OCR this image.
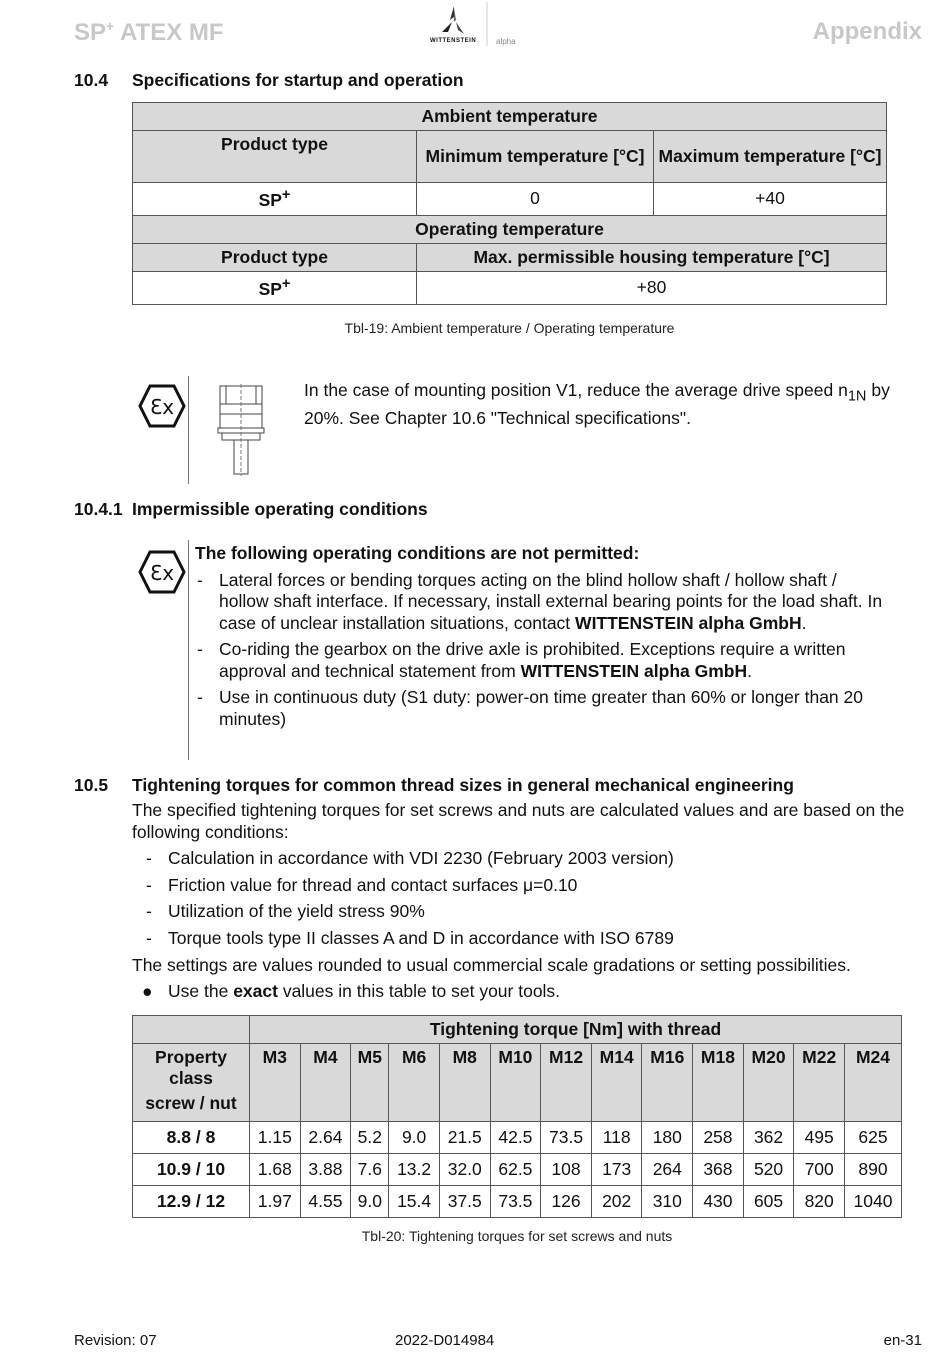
SP+ ATEX MF	WITTENSTEIN alpha	Appendix
10.4 Specifications for startup and operation
Ambient temperature		
Product type	Minimum temperature [°C]	Maximum temperature [°C]
SP+	0	+40
Operating temperature		
Product type	Max. permissible housing temperature [°C]	
SP+	+80	
Tbl-19: Ambient temperature / Operating temperature
Ɛx
In the case of mounting position V1, reduce the average drive speed $n_{1N}$ by 20%. See Chapter 10.6 "Technical specifications".
10.4.1 Impermissible operating conditions
Ɛx
The following operating conditions are not permitted:
- Lateral forces or bending torques acting on the blind hollow shaft / hollow shaft / hollow shaft interface. If necessary, install external bearing points for the load shaft. In case of unclear installation situations, contact WITTENSTEIN alpha GmbH.
- Co-riding the gearbox on the drive axle is prohibited. Exceptions require a written approval and technical statement from WITTENSTEIN alpha GmbH.
- Use in continuous duty (S1 duty: power-on time greater than 60% or longer than 20 minutes)
10.5 Tightening torques for common thread sizes in general mechanical engineering
The specified tightening torques for set screws and nuts are calculated values and are based on the following conditions:
- Calculation in accordance with VDI 2230 (February 2003 version)
- Friction value for thread and contact surfaces μ=0.10
- Utilization of the yield stress 90%
- Torque tools type II classes A and D in accordance with ISO 6789
The settings are values rounded to usual commercial scale gradations or setting possibilities.
● Use the exact values in this table to set your tools.
	Tightening torque [Nm] with thread												
Property class
screw / nut	M3	M4	M5	M6	M8	M10	M12	M14	M16	M18	M20	M22	M24
8.8 / 8	1.15	2.64	5.2	9.0	21.5	42.5	73.5	118	180	258	362	495	625
10.9 / 10	1.68	3.88	7.6	13.2	32.0	62.5	108	173	264	368	520	700	890
12.9 / 12	1.97	4.55	9.0	15.4	37.5	73.5	126	202	310	430	605	820	1040
Tbl-20: Tightening torques for set screws and nuts
Revision: 07	2022-D014984	en-31
